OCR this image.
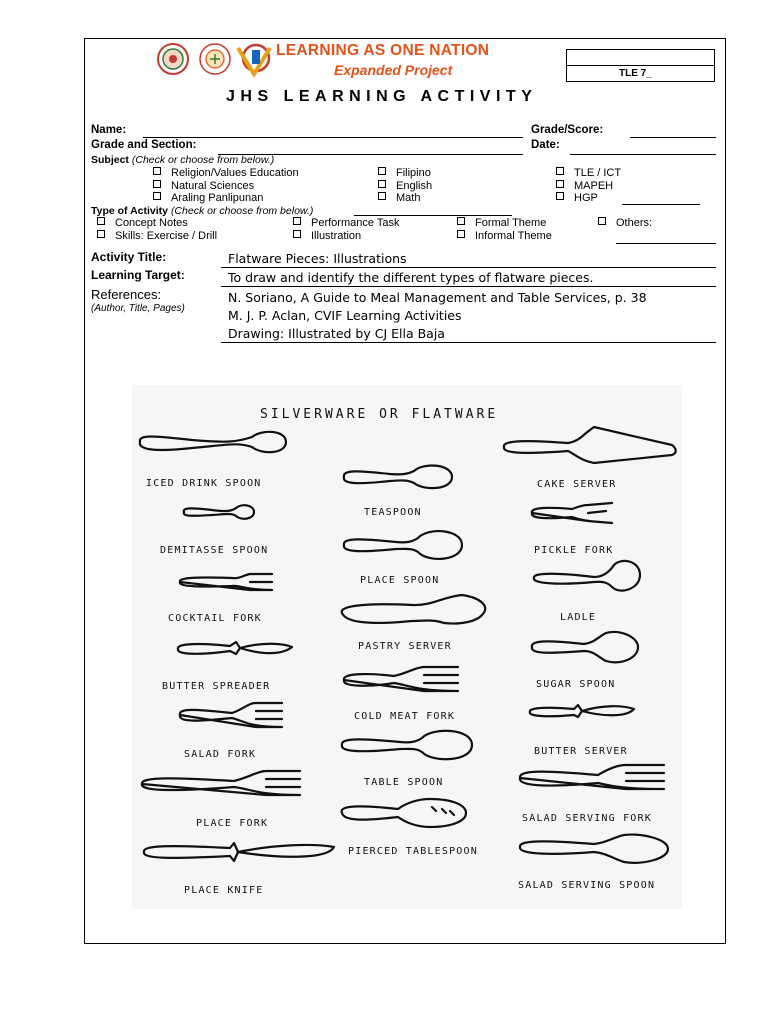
LEARNING AS ONE NATION
Expanded Project	TLE 7_
JHS LEARNING ACTIVITY
Name:	Grade/Score:
Grade and Section:	Date:
Subject (Check or choose from below.)
Religion/Values Education
Natural Sciences
Araling Panlipunan
Filipino
English
Math
TLE / ICT
MAPEH
HGP
Type of Activity (Check or choose from below.)
Concept Notes
Skills: Exercise / Drill
Performance Task
Illustration
Formal Theme
Informal Theme
Others:
Activity Title:	Flatware Pieces: Illustrations
Learning Target:	To draw and identify the different types of flatware pieces.
References:
(Author, Title, Pages)
N. Soriano, A Guide to Meal Management and Table Services, p. 38
M. J. P. Aclan, CVIF Learning Activities
Drawing: Illustrated by CJ Ella Baja
SILVERWARE OR FLATWARE
ICED DRINK SPOON
DEMITASSE SPOON
COCKTAIL FORK
BUTTER SPREADER
SALAD FORK
PLACE FORK
PLACE KNIFE
TEASPOON
PLACE SPOON
PASTRY SERVER
COLD MEAT FORK
TABLE SPOON
PIERCED TABLESPOON
CAKE SERVER
PICKLE FORK
LADLE
SUGAR SPOON
BUTTER SERVER
SALAD SERVING FORK
SALAD SERVING SPOON
